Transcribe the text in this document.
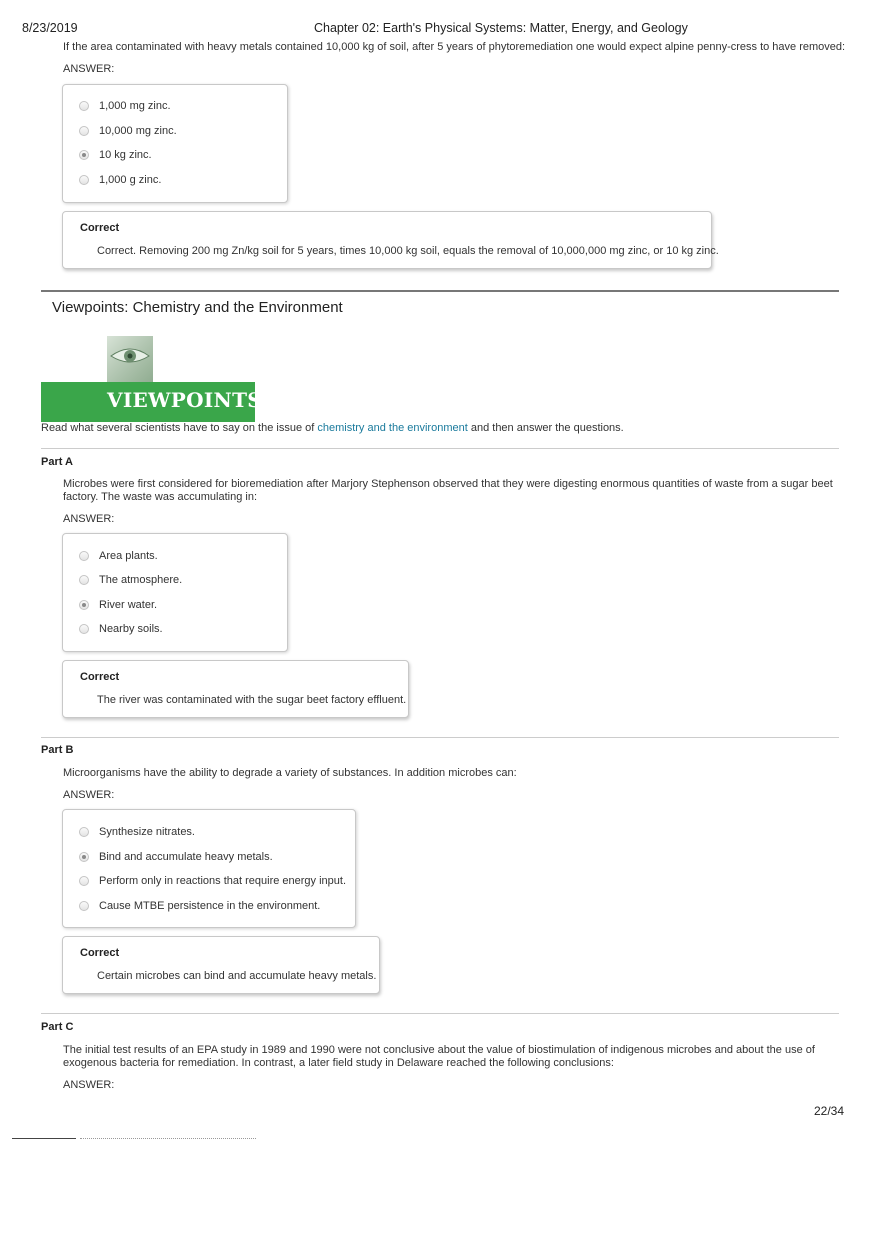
8/23/2019	Chapter 02: Earth's Physical Systems: Matter, Energy, and Geology
If the area contaminated with heavy metals contained 10,000 kg of soil, after 5 years of phytoremediation one would expect alpine penny-cress to have removed:
ANSWER:
1,000 mg zinc.
10,000 mg zinc.
10 kg zinc.
1,000 g zinc.
Correct
Correct. Removing 200 mg Zn/kg soil for 5 years, times 10,000 kg soil, equals the removal of 10,000,000 mg zinc, or 10 kg zinc.
Viewpoints: Chemistry and the Environment
VIEWPOINTS
Read what several scientists have to say on the issue of chemistry and the environment and then answer the questions.
Part A
Microbes were first considered for bioremediation after Marjory Stephenson observed that they were digesting enormous quantities of waste from a sugar beet
factory. The waste was accumulating in:
ANSWER:
Area plants.
The atmosphere.
River water.
Nearby soils.
Correct
The river was contaminated with the sugar beet factory effluent.
Part B
Microorganisms have the ability to degrade a variety of substances. In addition microbes can:
ANSWER:
Synthesize nitrates.
Bind and accumulate heavy metals.
Perform only in reactions that require energy input.
Cause MTBE persistence in the environment.
Correct
Certain microbes can bind and accumulate heavy metals.
Part C
The initial test results of an EPA study in 1989 and 1990 were not conclusive about the value of biostimulation of indigenous microbes and about the use of
exogenous bacteria for remediation. In contrast, a later field study in Delaware reached the following conclusions:
ANSWER:
22/34
